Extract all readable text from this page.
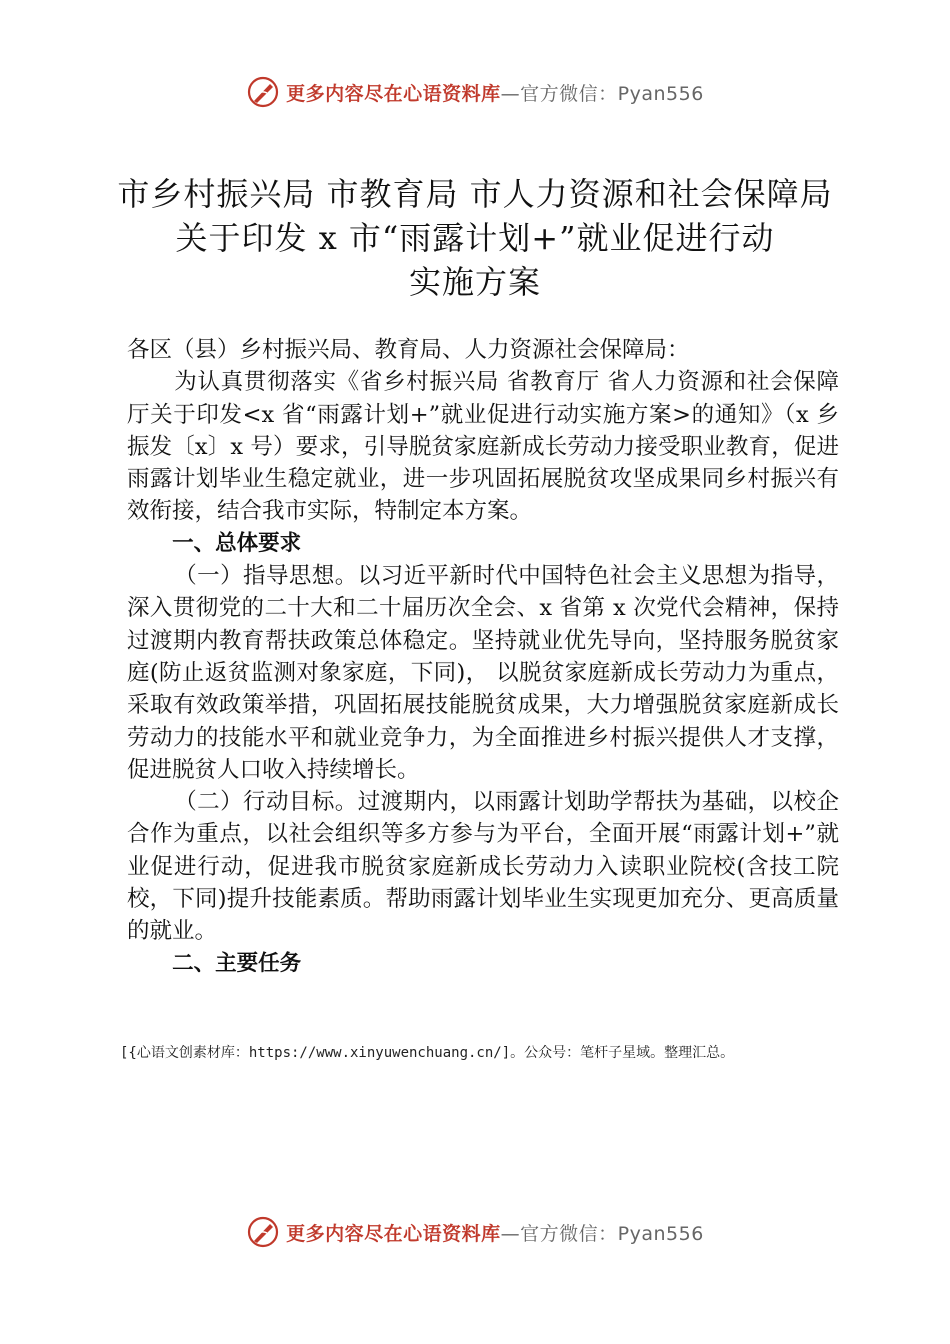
更多内容尽在心语资料库 —官方微信：Pyan556
市乡村振兴局 市教育局 市人力资源和社会保障局
关于印发 x 市“雨露计划+”就业促进行动
实施方案

各区（县）乡村振兴局、教育局、人力资源社会保障局：

为认真贯彻落实《省乡村振兴局 省教育厅 省人力资源和社会保障厅关于印发<x 省“雨露计划+”就业促进行动实施方案>的通知》（x 乡振发〔x〕x 号）要求，引导脱贫家庭新成长劳动力接受职业教育，促进雨露计划毕业生稳定就业，进一步巩固拓展脱贫攻坚成果同乡村振兴有效衔接，结合我市实际，特制定本方案。

一、总体要求

（一）指导思想。以习近平新时代中国特色社会主义思想为指导，深入贯彻党的二十大和二十届历次全会、x 省第 x 次党代会精神，保持过渡期内教育帮扶政策总体稳定。坚持就业优先导向，坚持服务脱贫家庭(防止返贫监测对象家庭，下同)， 以脱贫家庭新成长劳动力为重点，采取有效政策举措，巩固拓展技能脱贫成果，大力增强脱贫家庭新成长劳动力的技能水平和就业竞争力，为全面推进乡村振兴提供人才支撑，促进脱贫人口收入持续增长。

（二）行动目标。过渡期内，以雨露计划助学帮扶为基础，以校企合作为重点，以社会组织等多方参与为平台，全面开展“雨露计划+”就业促进行动，促进我市脱贫家庭新成长劳动力入读职业院校(含技工院校，下同)提升技能素质。帮助雨露计划毕业生实现更加充分、更高质量的就业。

二、主要任务

[{心语文创素材库：https://www.xinyuwenchuang.cn/]。公众号：笔杆子星域。整理汇总。
更多内容尽在心语资料库 —官方微信：Pyan556
